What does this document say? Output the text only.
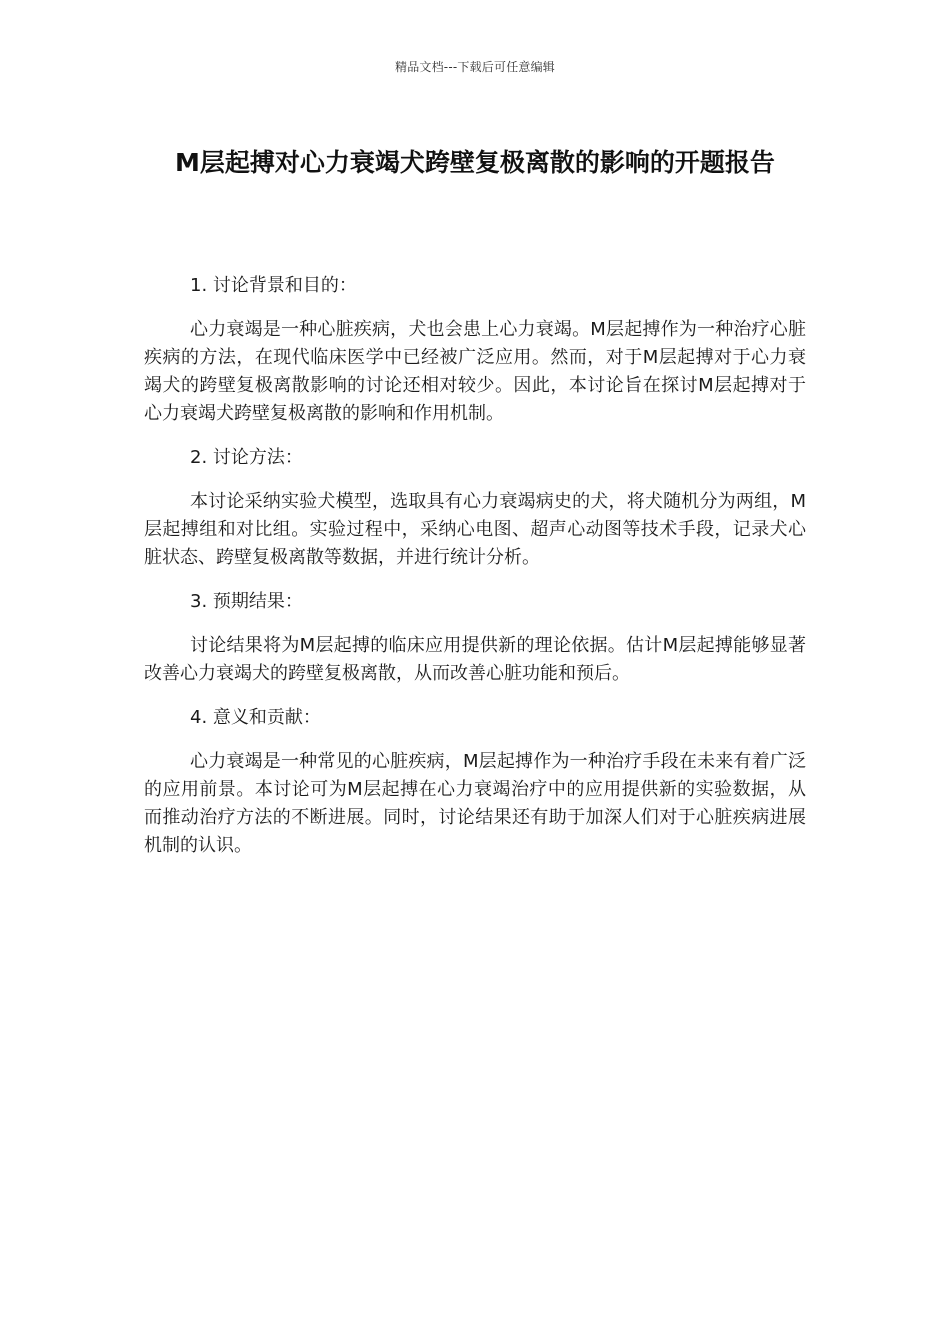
精品文档---下载后可任意编辑
M层起搏对心力衰竭犬跨壁复极离散的影响的开题报告

1. 讨论背景和目的：

心力衰竭是一种心脏疾病，犬也会患上心力衰竭。M层起搏作为一种治疗心脏疾病的方法，在现代临床医学中已经被广泛应用。然而，对于M层起搏对于心力衰竭犬的跨壁复极离散影响的讨论还相对较少。因此，本讨论旨在探讨M层起搏对于心力衰竭犬跨壁复极离散的影响和作用机制。

2. 讨论方法：

本讨论采纳实验犬模型，选取具有心力衰竭病史的犬，将犬随机分为两组，M层起搏组和对比组。实验过程中，采纳心电图、超声心动图等技术手段，记录犬心脏状态、跨壁复极离散等数据，并进行统计分析。

3. 预期结果：

讨论结果将为M层起搏的临床应用提供新的理论依据。估计M层起搏能够显著改善心力衰竭犬的跨壁复极离散，从而改善心脏功能和预后。

4. 意义和贡献：

心力衰竭是一种常见的心脏疾病，M层起搏作为一种治疗手段在未来有着广泛的应用前景。本讨论可为M层起搏在心力衰竭治疗中的应用提供新的实验数据，从而推动治疗方法的不断进展。同时，讨论结果还有助于加深人们对于心脏疾病进展机制的认识。
